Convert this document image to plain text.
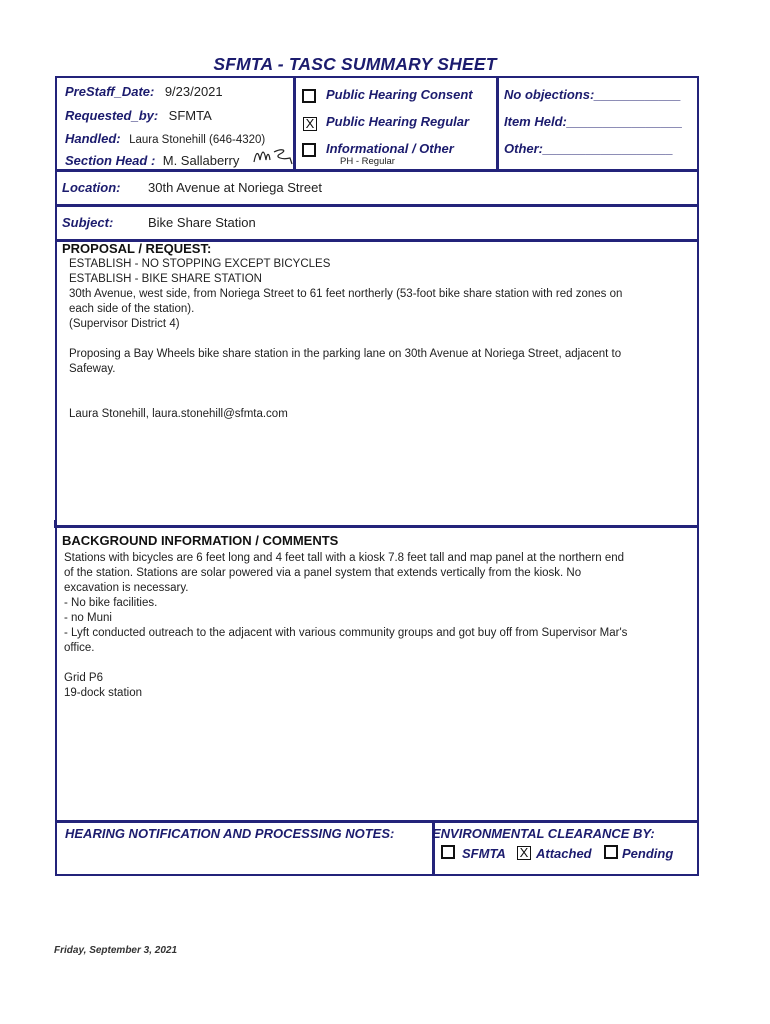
SFMTA - TASC SUMMARY SHEET
PreStaff_Date: 9/23/2021
Requested_by: SFMTA
Handled: Laura Stonehill (646-4320)
Section Head : M. Sallaberry
Public Hearing Consent
X Public Hearing Regular
Informational / Other
PH - Regular
No objections:____________
Item Held:________________
Other:__________________
Location: 30th Avenue at Noriega Street
Subject:	Bike Share Station
PROPOSAL / REQUEST:
ESTABLISH - NO STOPPING EXCEPT BICYCLES
ESTABLISH - BIKE SHARE STATION
30th Avenue, west side, from Noriega Street to 61 feet northerly (53-foot bike share station with red zones on
each side of the station).
(Supervisor District 4)
Proposing a Bay Wheels bike share station in the parking lane on 30th Avenue at Noriega Street, adjacent to
Safeway.
Laura Stonehill, laura.stonehill@sfmta.com
BACKGROUND INFORMATION / COMMENTS
Stations with bicycles are 6 feet long and 4 feet tall with a kiosk 7.8 feet tall and map panel at the northern end
of the station. Stations are solar powered via a panel system that extends vertically from the kiosk. No
excavation is necessary.
- No bike facilities.
- no Muni
- Lyft conducted outreach to the adjacent with various community groups and got buy off from Supervisor Mar's
office.
Grid P6
19-dock station
HEARING NOTIFICATION AND PROCESSING NOTES:	ENVIRONMENTAL CLEARANCE BY:
SFMTA X Attached Pending
Friday, September 3, 2021
